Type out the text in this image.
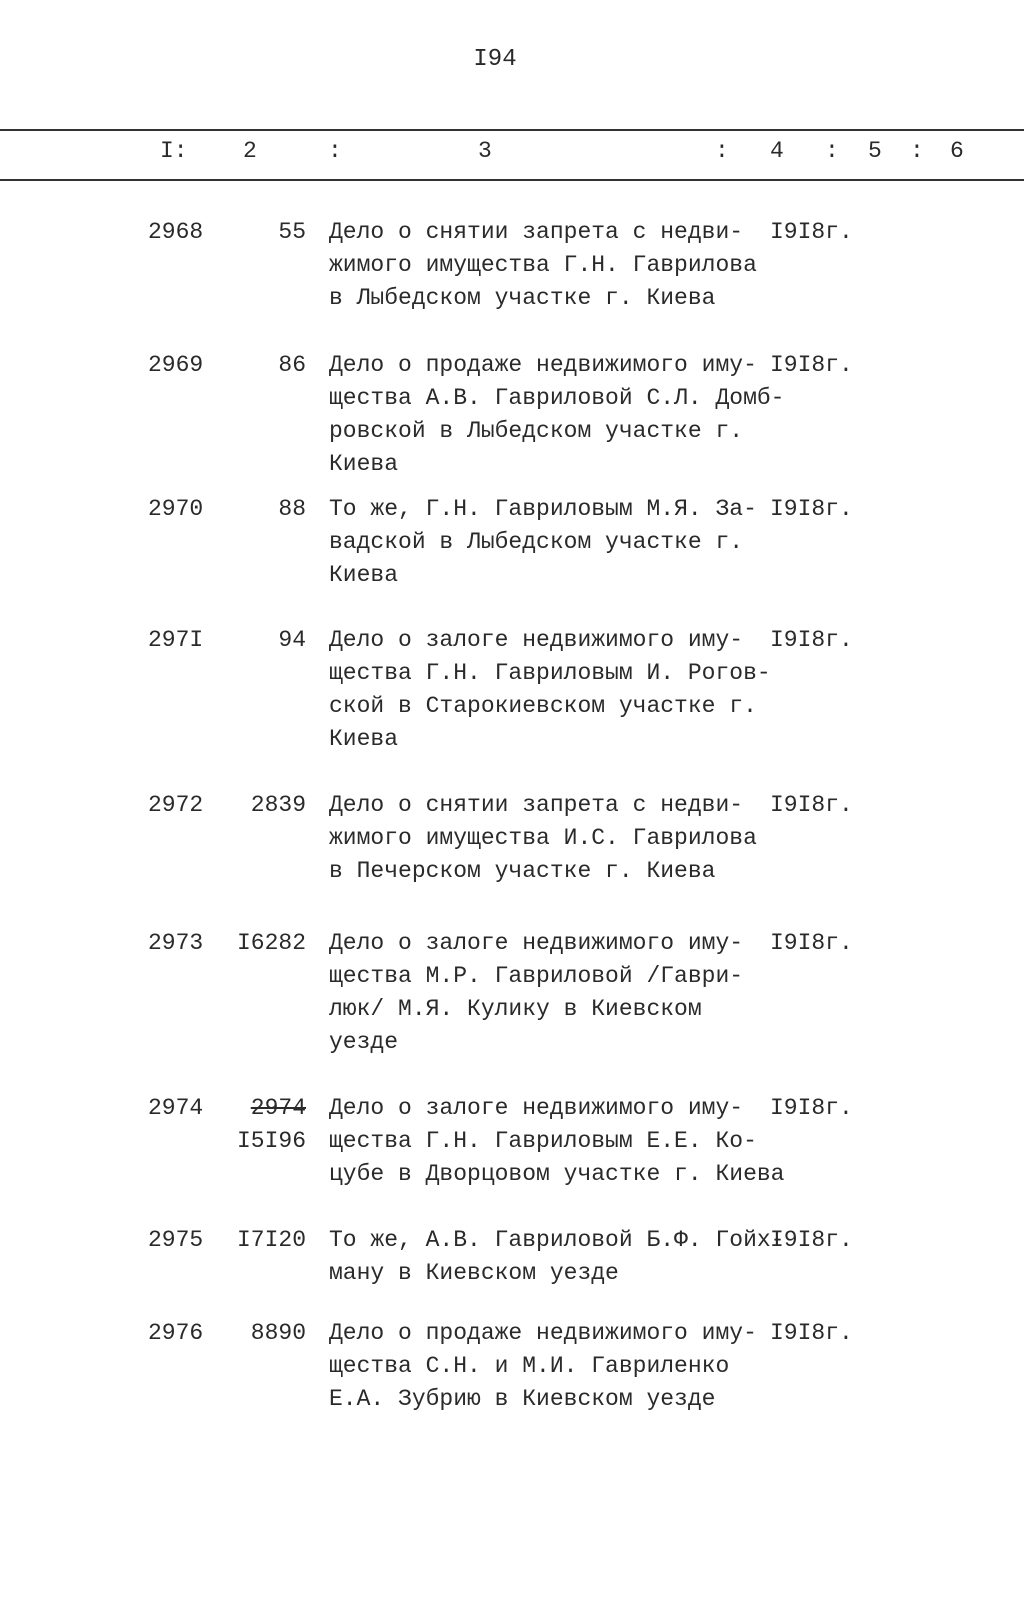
I94
I: 2	:	3	: 4 : 5 : 6
2968	55 Дело о снятии запрета с недви-
жимого имущества Г.Н. Гаврилова
в Лыбедском участке г. Киева
I9I8г.
2969	86 Дело о продаже недвижимого иму-
щества А.В. Гавриловой С.Л. Домб-
ровской в Лыбедском участке г.
Киева
I9I8г.
2970	88 То же, Г.Н. Гавриловым М.Я. За-
вадской в Лыбедском участке г.
Киева
I9I8г.
297I	94 Дело о залоге недвижимого иму-
щества Г.Н. Гавриловым И. Рогов-
ской в Старокиевском участке г.
Киева
I9I8г.
2972	2839 Дело о снятии запрета с недви-
жимого имущества И.С. Гаврилова
в Печерском участке г. Киева
I9I8г.
2973	I6282 Дело о залоге недвижимого иму-
щества М.Р. Гавриловой /Гаври-
люк/ М.Я. Кулику в Киевском
уезде
I9I8г.
2974	2974
I5I96
Дело о залоге недвижимого иму-
щества Г.Н. Гавриловым Е.Е. Ко-
цубе в Дворцовом участке г. Киева
I9I8г.
2975	I7I20 То же, А.В. Гавриловой Б.Ф. Гойх-
ману в Киевском уезде
I9I8г.
2976	8890 Дело о продаже недвижимого иму-
щества С.Н. и М.И. Гавриленко
Е.А. Зубрию в Киевском уезде
I9I8г.
